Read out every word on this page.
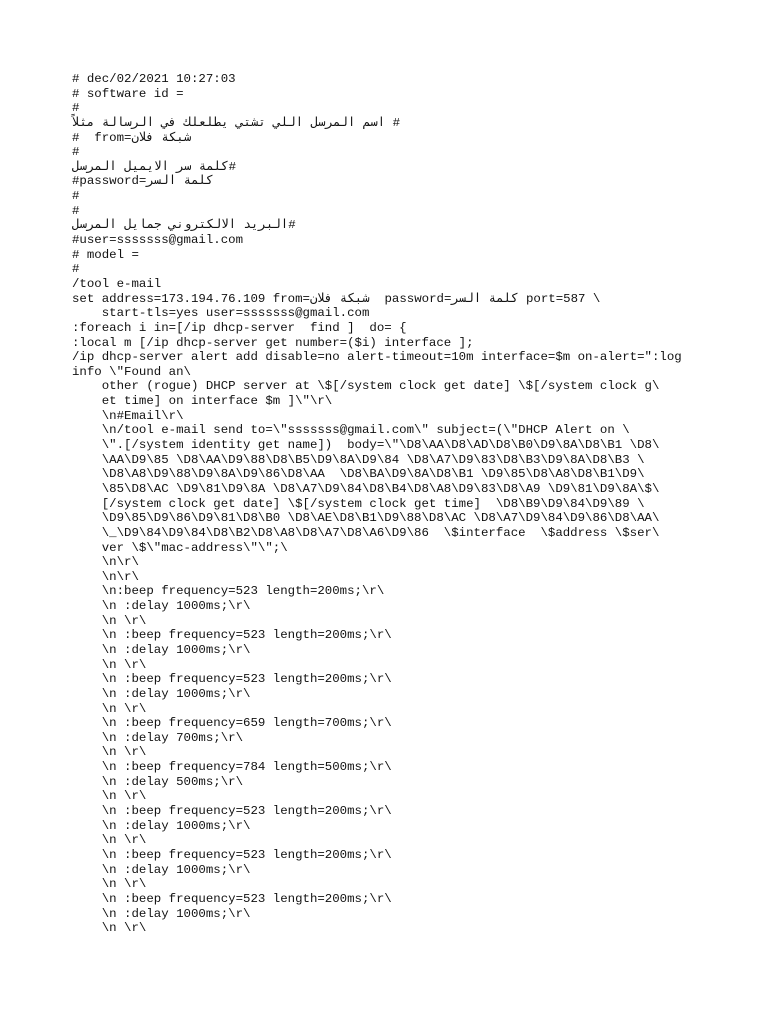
# dec/02/2021 10:27:03
# software id =
#
# اسم المرسل اللي تشتي يطلعلك في الرسالة مثلاً
#  from=شبكة فلان
#
#كلمة سر الايميل المرسل
#password=كلمة السر
#
#
#البريد الالكتروني جمايل المرسل
#user=sssssss@gmail.com
# model =
#
/tool e-mail
set address=173.194.76.109 from=شبكة فلان  password=كلمة السر port=587 \
start-tls=yes user=sssssss@gmail.com
:foreach i in=[/ip dhcp-server  find ]  do= {
:local m [/ip dhcp-server get number=($i) interface ];
/ip dhcp-server alert add disable=no alert-timeout=10m interface=$m on-alert=":log
info \"Found an\
other (rogue) DHCP server at \$[/system clock get date] \$[/system clock g\
et time] on interface $m ]\"\r\
\n#Email\r\
\n/tool e-mail send to=\"sssssss@gmail.com\" subject=(\"DHCP Alert on \
\".[/system identity get name])  body=\"\D8\AA\D8\AD\D8\B0\D9\8A\D8\B1 \D8\
\AA\D9\85 \D8\AA\D9\88\D8\B5\D9\8A\D9\84 \D8\A7\D9\83\D8\B3\D9\8A\D8\B3 \
\D8\A8\D9\88\D9\8A\D9\86\D8\AA  \D8\BA\D9\8A\D8\B1 \D9\85\D8\A8\D8\B1\D9\
\85\D8\AC \D9\81\D9\8A \D8\A7\D9\84\D8\B4\D8\A8\D9\83\D8\A9 \D9\81\D9\8A\$\
[/system clock get date] \$[/system clock get time]  \D8\B9\D9\84\D9\89 \
\D9\85\D9\86\D9\81\D8\B0 \D8\AE\D8\B1\D9\88\D8\AC \D8\A7\D9\84\D9\86\D8\AA\
\_\D9\84\D9\84\D8\B2\D8\A8\D8\A7\D8\A6\D9\86  \$interface  \$address \$ser\
ver \$\"mac-address\"\";\
\n\r\
\n\r\
\n:beep frequency=523 length=200ms;\r\
\n :delay 1000ms;\r\
\n \r\
\n :beep frequency=523 length=200ms;\r\
\n :delay 1000ms;\r\
\n \r\
\n :beep frequency=523 length=200ms;\r\
\n :delay 1000ms;\r\
\n \r\
\n :beep frequency=659 length=700ms;\r\
\n :delay 700ms;\r\
\n \r\
\n :beep frequency=784 length=500ms;\r\
\n :delay 500ms;\r\
\n \r\
\n :beep frequency=523 length=200ms;\r\
\n :delay 1000ms;\r\
\n \r\
\n :beep frequency=523 length=200ms;\r\
\n :delay 1000ms;\r\
\n \r\
\n :beep frequency=523 length=200ms;\r\
\n :delay 1000ms;\r\
\n \r\
